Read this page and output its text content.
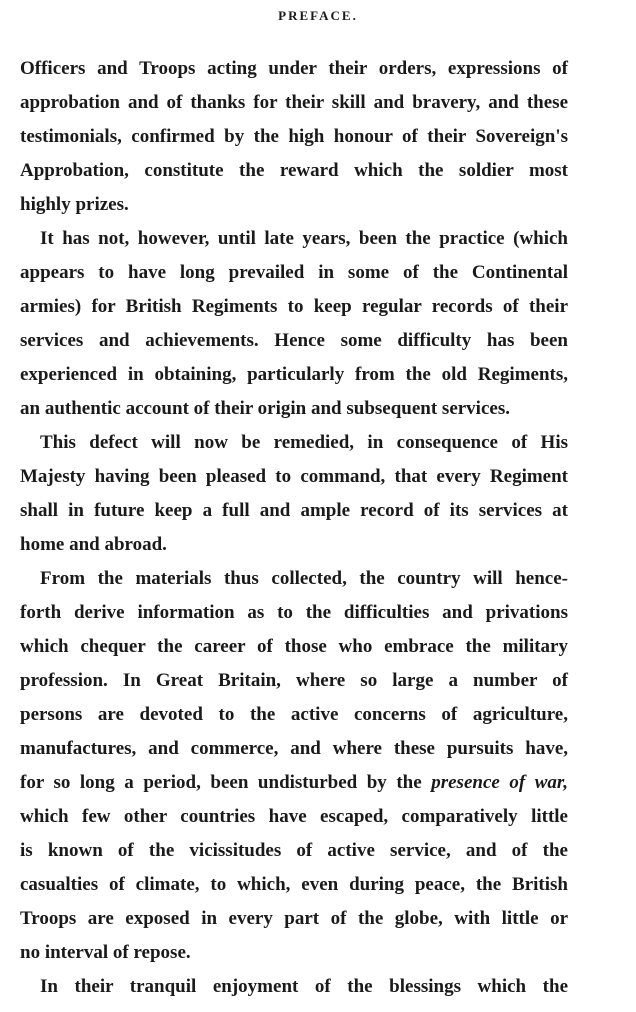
PREFACE.
Officers and Troops acting under their orders, expressions of
approbation and of thanks for their skill and bravery, and these
testimonials, confirmed by the high honour of their Sovereign's
Approbation, constitute the reward which the soldier most
highly prizes.
It has not, however, until late years, been the practice (which
appears to have long prevailed in some of the Continental
armies) for British Regiments to keep regular records of their
services and achievements. Hence some difficulty has been
experienced in obtaining, particularly from the old Regiments,
an authentic account of their origin and subsequent services.
This defect will now be remedied, in consequence of His
Majesty having been pleased to command, that every Regiment
shall in future keep a full and ample record of its services at
home and abroad.
From the materials thus collected, the country will hence-
forth derive information as to the difficulties and privations
which chequer the career of those who embrace the military
profession. In Great Britain, where so large a number of
persons are devoted to the active concerns of agriculture,
manufactures, and commerce, and where these pursuits have,
for so long a period, been undisturbed by the presence of war,
which few other countries have escaped, comparatively little
is known of the vicissitudes of active service, and of the
casualties of climate, to which, even during peace, the British
Troops are exposed in every part of the globe, with little or
no interval of repose.
In their tranquil enjoyment of the blessings which the
